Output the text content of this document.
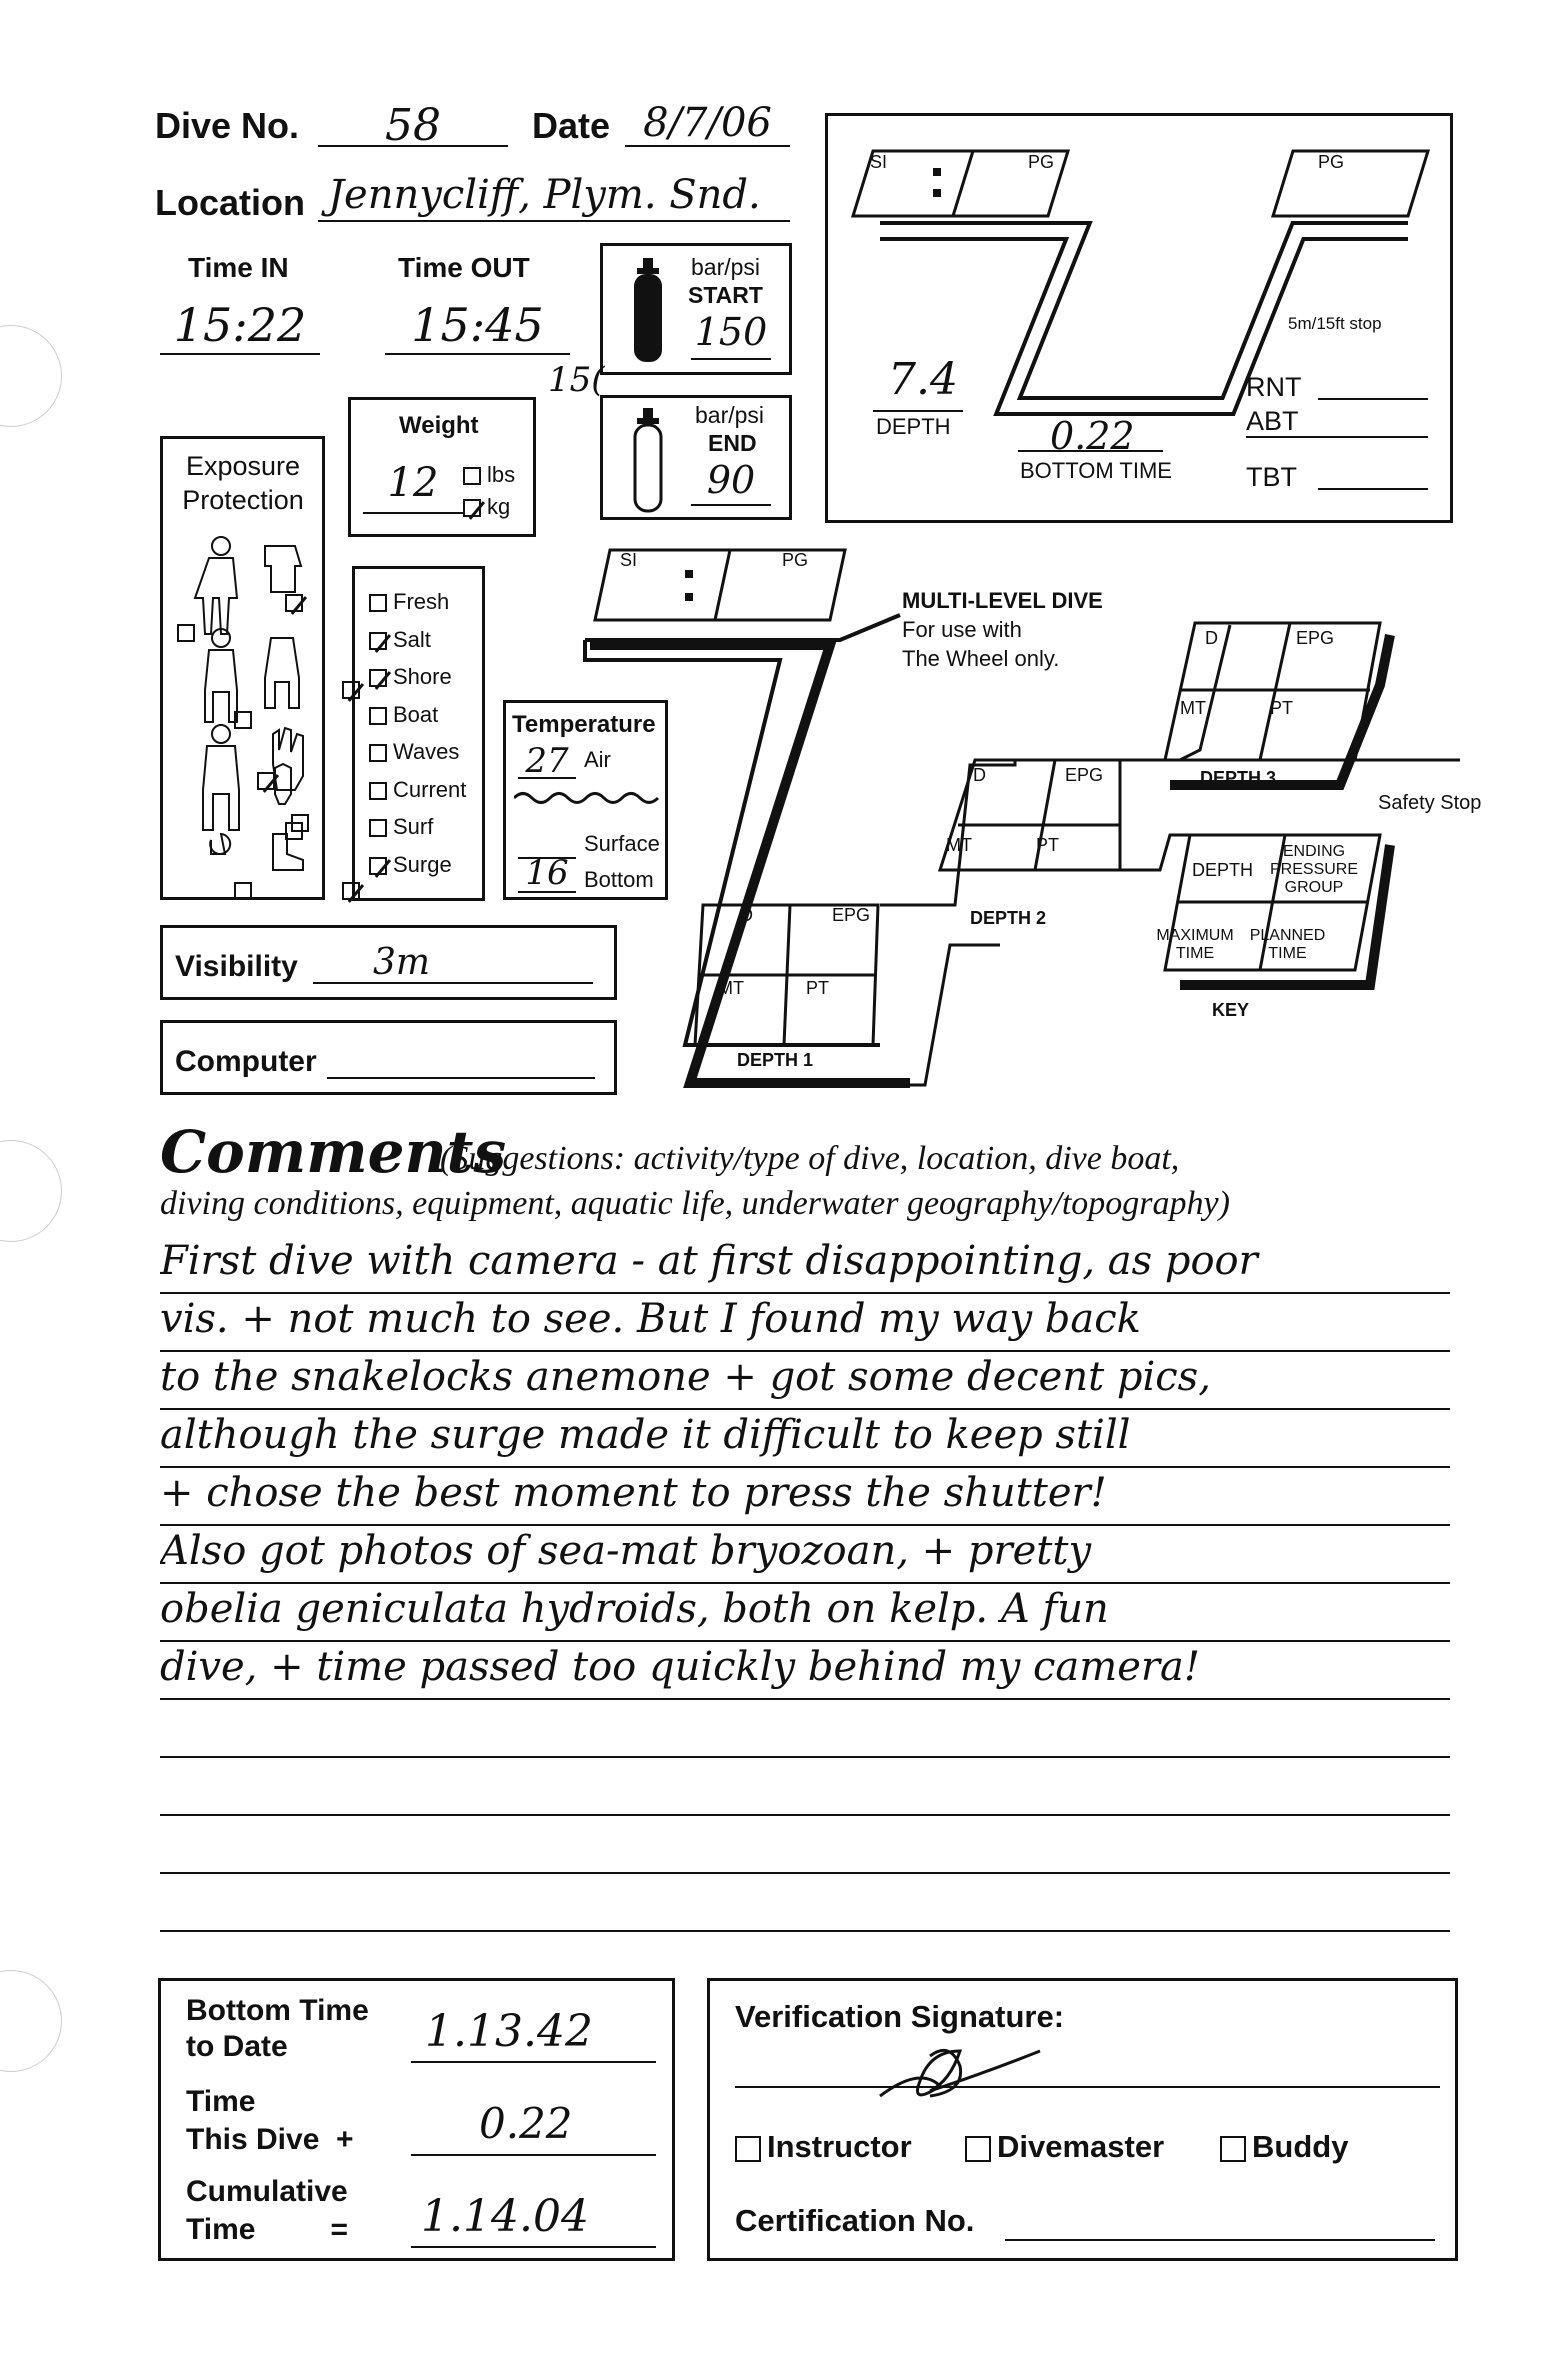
Dive No.	58	Date 8/7/06
Location Jennycliff, Plym. Snd.
Time IN
15:22
Time OUT
15:45
15(
bar/psi
START
150
bar/psi
END
90
Weight
12	lbs
kg
Exposure
Protection

Fresh
Salt
Shore
Boat
Waves
Current
Surf
Surge
Temperature
27 Air
Surface
16 Bottom
Visibility	3m
Computer
SI	PG	PG
5m/15ft stop
7.4
DEPTH	0.22
BOTTOM TIME
RNT
ABT
TBT
SI	PG
MULTI-LEVEL DIVE
For use with
The Wheel only.
D	EPG
MT	PT
DEPTH 1
D	EPG
MT	PT
DEPTH 2
D	EPG
MT	PT
DEPTH 3
Safety Stop
DEPTH
ENDING PRESSURE GROUP
MAXIMUM TIME
PLANNED TIME
KEY
Comments
(Suggestions: activity/type of dive, location, dive boat,
diving conditions, equipment, aquatic life, underwater geography/topography)
First dive with camera - at first disappointing, as poor
vis. + not much to see. But I found my way back
to the snakelocks anemone + got some decent pics,
although the surge made it difficult to keep still
+ chose the best moment to press the shutter!
Also got photos of sea-mat bryozoan, + pretty
obelia geniculata hydroids, both on kelp. A fun
dive, + time passed too quickly behind my camera!
Bottom Time
to Date	1.13.42
Time
This Dive  +	0.22
Cumulative
Time         = 1.14.04
Verification Signature:
Instructor	Divemaster	Buddy
Certification No.
